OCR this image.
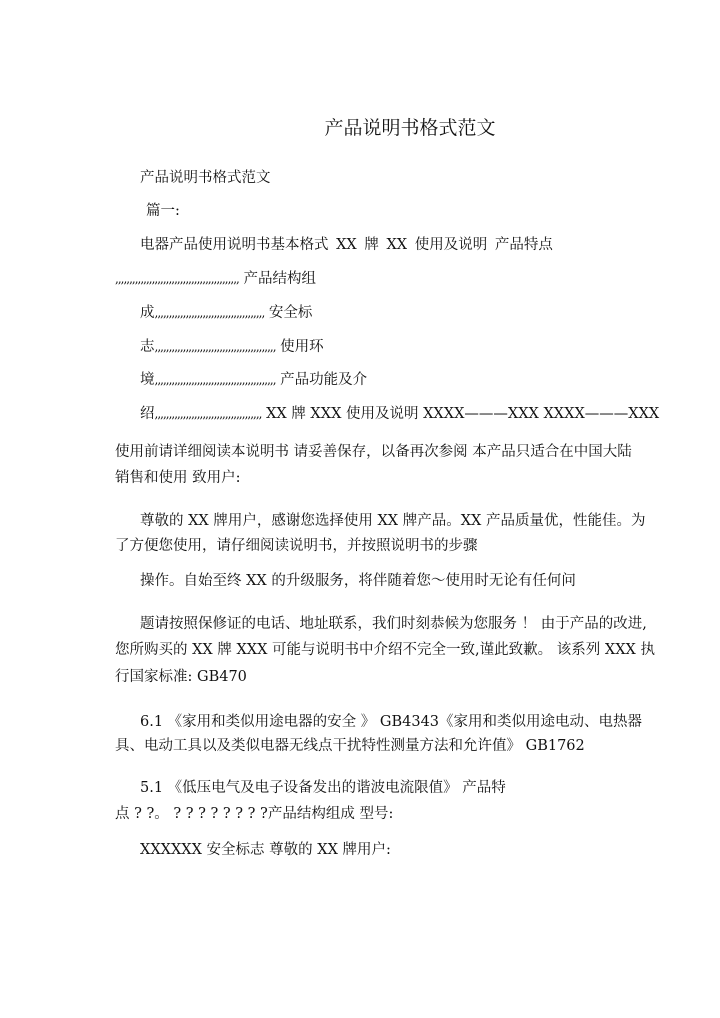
产品说明书格式范文
产品说明书格式范文
篇一:
电器产品使用说明书基本格式 XX 牌 XX 使用及说明 产品特点
,,,,,,,,,,,,,,,,,,,,,,,,,,,,,,,,,,,,,,,,,,,, 产品结构组
成,,,,,,,,,,,,,,,,,,,,,,,,,,,,,,,,,,,,,,, 安全标
志,,,,,,,,,,,,,,,,,,,,,,,,,,,,,,,,,,,,,,,,,,, 使用环
境,,,,,,,,,,,,,,,,,,,,,,,,,,,,,,,,,,,,,,,,,,, 产品功能及介
绍,,,,,,,,,,,,,,,,,,,,,,,,,,,,,,,,,,,,,, XX 牌 XXX 使用及说明 XXXX———XXX XXXX———XXX
使用前请详细阅读本说明书 请妥善保存，以备再次参阅 本产品只适合在中国大陆
销售和使用 致用户:
尊敬的 XX 牌用户，感谢您选择使用 XX 牌产品。XX 产品质量优，性能佳。为
了方便您使用，请仔细阅读说明书，并按照说明书的步骤
操作。自始至终 XX 的升级服务，将伴随着您～使用时无论有任何问
题请按照保修证的电话、地址联系，我们时刻恭候为您服务 ！ 由于产品的改进,
您所购买的 XX 牌 XXX 可能与说明书中介绍不完全一致,谨此致歉。 该系列 XXX 执
行国家标准: GB470
6.1 《家用和类似用途电器的安全 》 GB4343《家用和类似用途电动、电热器
具、电动工具以及类似电器无线点干扰特性测量方法和允许值》 GB1762
5.1 《低压电气及电子设备发出的谐波电流限值》 产品特
点 ? ?。 ? ? ? ? ? ? ? ?产品结构组成 型号:
XXXXXX 安全标志 尊敬的 XX 牌用户:
